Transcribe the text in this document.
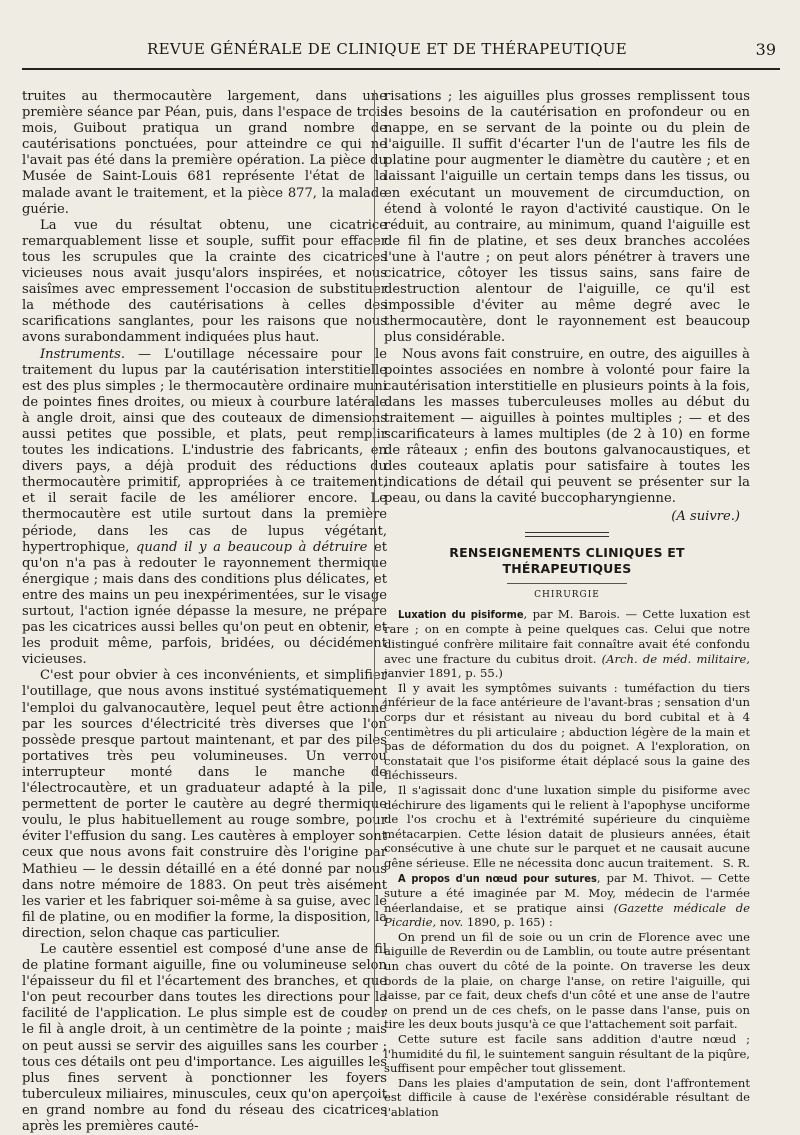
REVUE GÉNÉRALE DE CLINIQUE ET DE THÉRAPEUTIQUE	39

truites au thermocautère largement, dans une première séance par Péan, puis, dans l'espace de trois mois, Guibout pratiqua un grand nombre de cautérisations ponctuées, pour atteindre ce qui ne l'avait pas été dans la première opération. La pièce du Musée de Saint-Louis 681 représente l'état de la malade avant le traitement, et la pièce 877, la malade guérie.

La vue du résultat obtenu, une cicatrice remarquablement lisse et souple, suffit pour effacer tous les scrupules que la crainte des cicatrices vicieuses nous avait jusqu'alors inspirées, et nous saisîmes avec empressement l'occasion de substituer la méthode des cautérisations à celles des scarifications sanglantes, pour les raisons que nous avons surabondamment indiquées plus haut.

Instruments. — L'outillage nécessaire pour le traitement du lupus par la cautérisation interstitielle est des plus simples ; le thermocautère ordinaire muni de pointes fines droites, ou mieux à courbure latérale à angle droit, ainsi que des couteaux de dimensions aussi petites que possible, et plats, peut remplir toutes les indications. L'industrie des fabricants, en divers pays, a déjà produit des réductions du thermocautère primitif, appropriées à ce traitement, et il serait facile de les améliorer encore. Le thermocautère est utile surtout dans la première période, dans les cas de lupus végétant, hypertrophique, quand il y a beaucoup à détruire et qu'on n'a pas à redouter le rayonnement thermique énergique ; mais dans des conditions plus délicates, et entre des mains un peu inexpérimentées, sur le visage surtout, l'action ignée dépasse la mesure, ne prépare pas les cicatrices aussi belles qu'on peut en obtenir, et les produit même, parfois, bridées, ou décidément vicieuses.

C'est pour obvier à ces inconvénients, et simplifier l'outillage, que nous avons institué systématiquement l'emploi du galvanocautère, lequel peut être actionné par les sources d'électricité très diverses que l'on possède presque partout maintenant, et par des piles portatives très peu volumineuses. Un verrou interrupteur monté dans le manche de l'électrocautère, et un graduateur adapté à la pile, permettent de porter le cautère au degré thermique voulu, le plus habituellement au rouge sombre, pour éviter l'effusion du sang. Les cautères à employer sont ceux que nous avons fait construire dès l'origine par Mathieu — le dessin détaillé en a été donné par nous dans notre mémoire de 1883. On peut très aisément les varier et les fabriquer soi-même à sa guise, avec le fil de platine, ou en modifier la forme, la disposition, la direction, selon chaque cas particulier.

Le cautère essentiel est composé d'une anse de fil de platine formant aiguille, fine ou volumineuse selon l'épaisseur du fil et l'écartement des branches, et que l'on peut recourber dans toutes les directions pour la facilité de l'application. Le plus simple est de couder le fil à angle droit, à un centimètre de la pointe ; mais on peut aussi se servir des aiguilles sans les courber ; tous ces détails ont peu d'importance. Les aiguilles les plus fines servent à ponctionner les foyers tuberculeux miliaires, minuscules, ceux qu'on aperçoit en grand nombre au fond du réseau des cicatrices après les premières cauté-

risations ; les aiguilles plus grosses remplissent tous les besoins de la cautérisation en profondeur ou en nappe, en se servant de la pointe ou du plein de l'aiguille. Il suffit d'écarter l'un de l'autre les fils de platine pour augmenter le diamètre du cautère ; et en laissant l'aiguille un certain temps dans les tissus, ou en exécutant un mouvement de circumduction, on étend à volonté le rayon d'activité caustique. On le réduit, au contraire, au minimum, quand l'aiguille est de fil fin de platine, et ses deux branches accolées l'une à l'autre ; on peut alors pénétrer à travers une cicatrice, côtoyer les tissus sains, sans faire de destruction alentour de l'aiguille, ce qu'il est impossible d'éviter au même degré avec le thermocautère, dont le rayonnement est beaucoup plus considérable.

Nous avons fait construire, en outre, des aiguilles à pointes associées en nombre à volonté pour faire la cautérisation interstitielle en plusieurs points à la fois, dans les masses tuberculeuses molles au début du traitement — aiguilles à pointes multiples ; — et des scarificateurs à lames multiples (de 2 à 10) en forme de râteaux ; enfin des boutons galvanocaustiques, et des couteaux aplatis pour satisfaire à toutes les indications de détail qui peuvent se présenter sur la peau, ou dans la cavité buccopharyngienne.

(A suivre.)

RENSEIGNEMENTS CLINIQUES ET THÉRAPEUTIQUES
CHIRURGIE

Luxation du pisiforme, par M. Barois. — Cette luxation est rare ; on en compte à peine quelques cas. Celui que notre distingué confrère militaire fait connaître avait été confondu avec une fracture du cubitus droit. (Arch. de méd. militaire, janvier 1891, p. 55.)

Il y avait les symptômes suivants : tuméfaction du tiers inférieur de la face antérieure de l'avant-bras ; sensation d'un corps dur et résistant au niveau du bord cubital et à 4 centimètres du pli articulaire ; abduction légère de la main et pas de déformation du dos du poignet. A l'exploration, on constatait que l'os pisiforme était déplacé sous la gaine des fléchisseurs.

Il s'agissait donc d'une luxation simple du pisiforme avec déchirure des ligaments qui le relient à l'apophyse unciforme de l'os crochu et à l'extrémité supérieure du cinquième métacarpien. Cette lésion datait de plusieurs années, était consécutive à une chute sur le parquet et ne causait aucune gêne sérieuse. Elle ne nécessita donc aucun traitement. S. R.

A propos d'un nœud pour sutures, par M. Thivot. — Cette suture a été imaginée par M. Moy, médecin de l'armée néerlandaise, et se pratique ainsi (Gazette médicale de Picardie, nov. 1890, p. 165) :

On prend un fil de soie ou un crin de Florence avec une aiguille de Reverdin ou de Lamblin, ou toute autre présentant un chas ouvert du côté de la pointe. On traverse les deux bords de la plaie, on charge l'anse, on retire l'aiguille, qui laisse, par ce fait, deux chefs d'un côté et une anse de l'autre ; on prend un de ces chefs, on le passe dans l'anse, puis on tire les deux bouts jusqu'à ce que l'attachement soit parfait.

Cette suture est facile sans addition d'autre nœud ; l'humidité du fil, le suintement sanguin résultant de la piqûre, suffisent pour empêcher tout glissement.

Dans les plaies d'amputation de sein, dont l'affrontement est difficile à cause de l'exérèse considérable résultant de l'ablation
